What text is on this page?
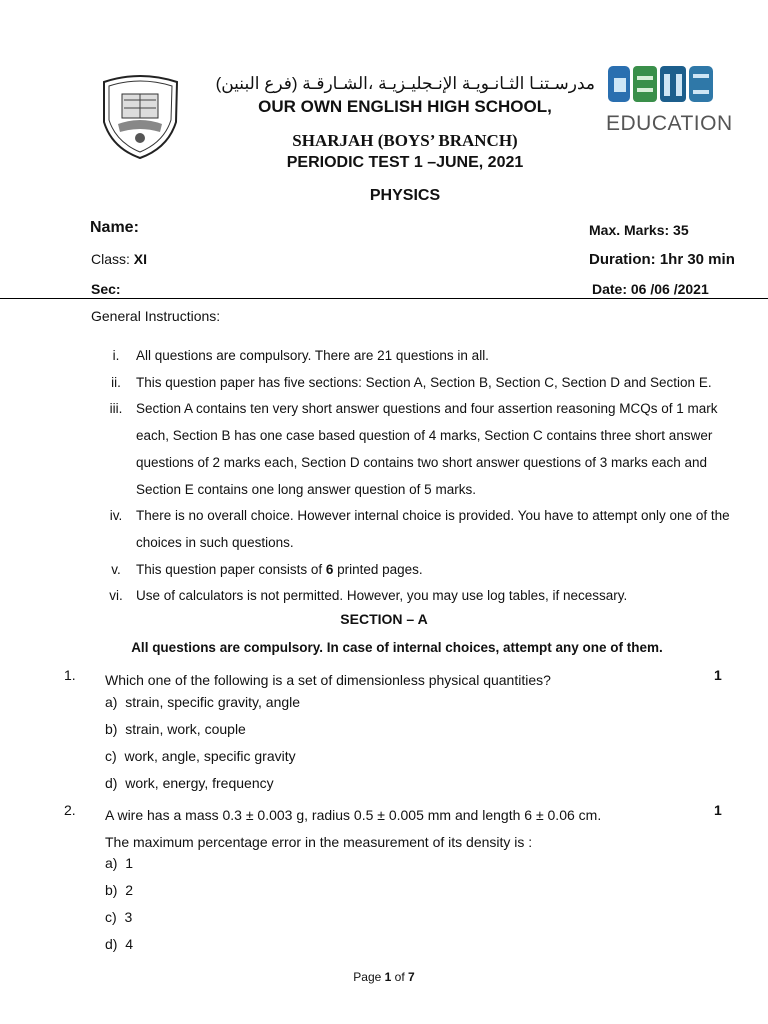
EDUCATION
مدرسـتنـا الثـانـويـة الإنـجليـزيـة ،الشـارقـة (فرع البنين)
OUR OWN ENGLISH HIGH SCHOOL,
SHARJAH (BOYS’ BRANCH)
PERIODIC TEST 1 –JUNE, 2021
PHYSICS
Name:
Class: XI
Sec:
Max. Marks: 35
Duration: 1hr 30 min
Date: 06 /06 /2021
General Instructions:
i.	All questions are compulsory. There are 21 questions in all.
ii.	This question paper has five sections: Section A, Section B, Section C, Section D and Section E.
iii.	Section A contains ten very short answer questions and four assertion reasoning MCQs of 1 mark each, Section B has one case based question of 4 marks, Section C contains three short answer questions of 2 marks each, Section D contains two short answer questions of 3 marks each and Section E contains one long answer question of 5 marks.
iv.	There is no overall choice. However internal choice is provided. You have to attempt only one of the choices in such questions.
v.	This question paper consists of 6 printed pages.
vi. Use of calculators is not permitted. However, you may use log tables, if necessary.
SECTION – A
All questions are compulsory. In case of internal choices, attempt any one of them.
1. Which one of the following is a set of dimensionless physical quantities?	1
a) strain, specific gravity, angle
b) strain, work, couple
c) work, angle, specific gravity
d) work, energy, frequency
2. A wire has a mass 0.3 ± 0.003 g, radius 0.5 ± 0.005 mm and length 6 ± 0.06 cm. The maximum percentage error in the measurement of its density is :
1
a) 1
b) 2
c) 3
d) 4
Page 1 of 7
